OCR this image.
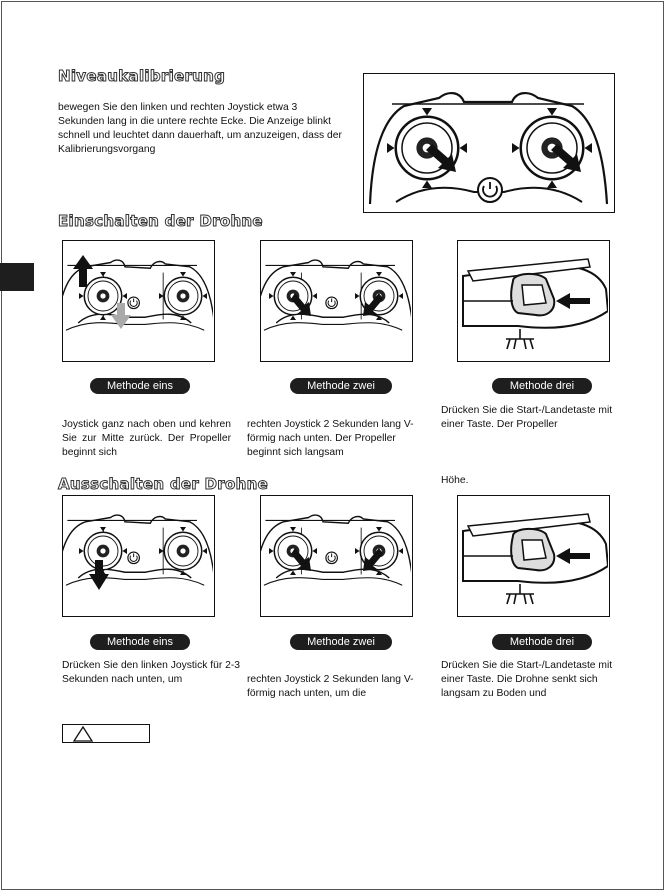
Niveaukalibrierung
bewegen Sie den linken und rechten Joystick etwa 3 Sekunden lang in die untere rechte Ecke. Die Anzeige blinkt schnell und leuchtet dann dauerhaft, um anzuzeigen, dass der Kalibrierungsvorgang
Einschalten der Drohne
Methode eins	Methode zwei	Methode drei
Joystick ganz nach oben und kehren Sie zur Mitte zurück. Der Propeller beginnt sich
rechten Joystick 2 Sekunden lang V-förmig nach unten. Der Propeller beginnt sich langsam
Drücken Sie die Start-/Landetaste mit einer Taste. Der Propeller
Höhe.
Ausschalten der Drohne
Methode eins	Methode zwei	Methode drei
Drücken Sie den linken Joystick für 2-3 Sekunden nach unten, um	rechten Joystick 2 Sekunden lang V-förmig nach unten, um die
Drücken Sie die Start-/Landetaste mit einer Taste. Die Drohne senkt sich langsam zu Boden und
